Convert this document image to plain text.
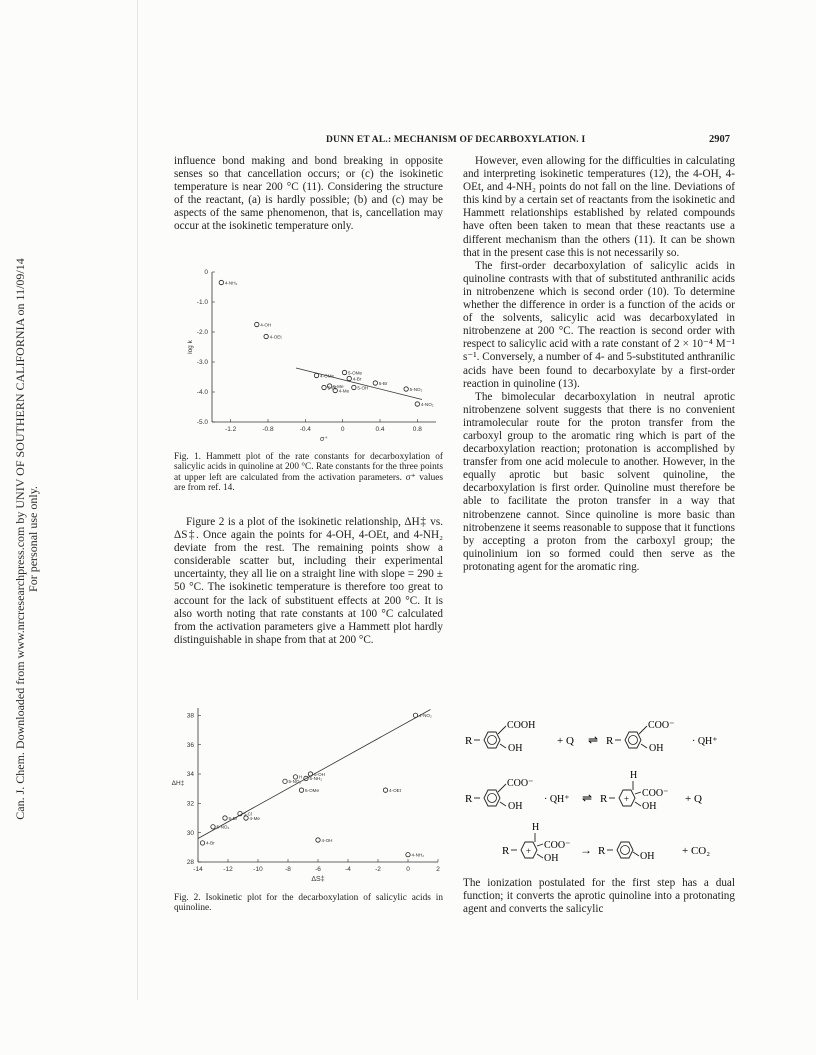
Can. J. Chem. Downloaded from www.nrcresearchpress.com by UNIV OF SOUTHERN CALIFORNIA on 11/09/14 For personal use only.
DUNN ET AL.: MECHANISM OF DECARBOXYLATION. I	2907

influence bond making and bond breaking in opposite senses so that cancellation occurs; or (c) the isokinetic temperature is near 200 °C (11). Considering the structure of the reactant, (a) is hardly possible; (b) and (c) may be aspects of the same phenomenon, that is, cancellation may occur at the isokinetic temperature only.

-1.2	-0.8	-0.4	0	0.4	0.8
0
-1.0
-2.0
-3.0
-4.0
-5.0
4-NH₂
4-OH
4-OEt
4-OMe
5-OMe
4-Br
5-Me
5-Cl
4-Me
5-OH
5-Br
5-NO₂
4-NO₂
σ⁺
log k

Fig. 1. Hammett plot of the rate constants for decarboxylation of salicylic acids in quinoline at 200 °C. Rate constants for the three points at upper left are calculated from the activation parameters. σ⁺ values are from ref. 14.

Figure 2 is a plot of the isokinetic relationship, ΔH‡ vs. ΔS‡. Once again the points for 4-OH, 4-OEt, and 4-NH₂ deviate from the rest. The remaining points show a considerable scatter but, including their experimental uncertainty, they all lie on a straight line with slope = 290 ± 50 °C. The isokinetic temperature is therefore too great to account for the lack of substituent effects at 200 °C. It is also worth noting that rate constants at 100 °C calculated from the activation parameters give a Hammett plot hardly distinguishable in shape from that at 200 °C.

-14	-12	-10	-8	-6	-4	-2	0	2
38
36
34
32
30
28
4-NO₂
H
5-NO₂
5-OH
5-NH₂
5-OMe
4-Me
5-Cl
5-Br
5-NO₂
4-Br
4-OEt
4-OH
4-NH₂
ΔS‡
ΔH‡

Fig. 2. Isokinetic plot for the decarboxylation of salicylic acids in quinoline.

However, even allowing for the difficulties in calculating and interpreting isokinetic temperatures (12), the 4-OH, 4-OEt, and 4-NH₂ points do not fall on the line. Deviations of this kind by a certain set of reactants from the isokinetic and Hammett relationships established by related compounds have often been taken to mean that these reactants use a different mechanism than the others (11). It can be shown that in the present case this is not necessarily so.

The first-order decarboxylation of salicylic acids in quinoline contrasts with that of substituted anthranilic acids in nitrobenzene which is second order (10). To determine whether the difference in order is a function of the acids or of the solvents, salicylic acid was decarboxylated in nitrobenzene at 200 °C. The reaction is second order with respect to salicylic acid with a rate constant of 2 × 10⁻⁴ M⁻¹ s⁻¹. Conversely, a number of 4- and 5-substituted anthranilic acids have been found to decarboxylate by a first-order reaction in quinoline (13).

The bimolecular decarboxylation in neutral aprotic nitrobenzene solvent suggests that there is no convenient intramolecular route for the proton transfer from the carboxyl group to the aromatic ring which is part of the decarboxylation reaction; protonation is accomplished by transfer from one acid molecule to another. However, in the equally aprotic but basic solvent quinoline, the decarboxylation is first order. Quinoline must therefore be able to facilitate the proton transfer in a way that nitrobenzene cannot. Since quinoline is more basic than nitrobenzene it seems reasonable to suppose that it functions by accepting a proton from the carboxyl group; the quinolinium ion so formed could then serve as the protonating agent for the aromatic ring.

R
COOH
OH
+ Q ⇌ R
COO⁻
OH
· QH⁺
R
COO⁻
OH
· QH⁺ ⇌ R +
H
COO⁻
OH
+ Q
R +
H
COO⁻
OH
→ R	OH	+ CO₂

The ionization postulated for the first step has a dual function; it converts the aprotic quinoline into a protonating agent and converts the salicylic
